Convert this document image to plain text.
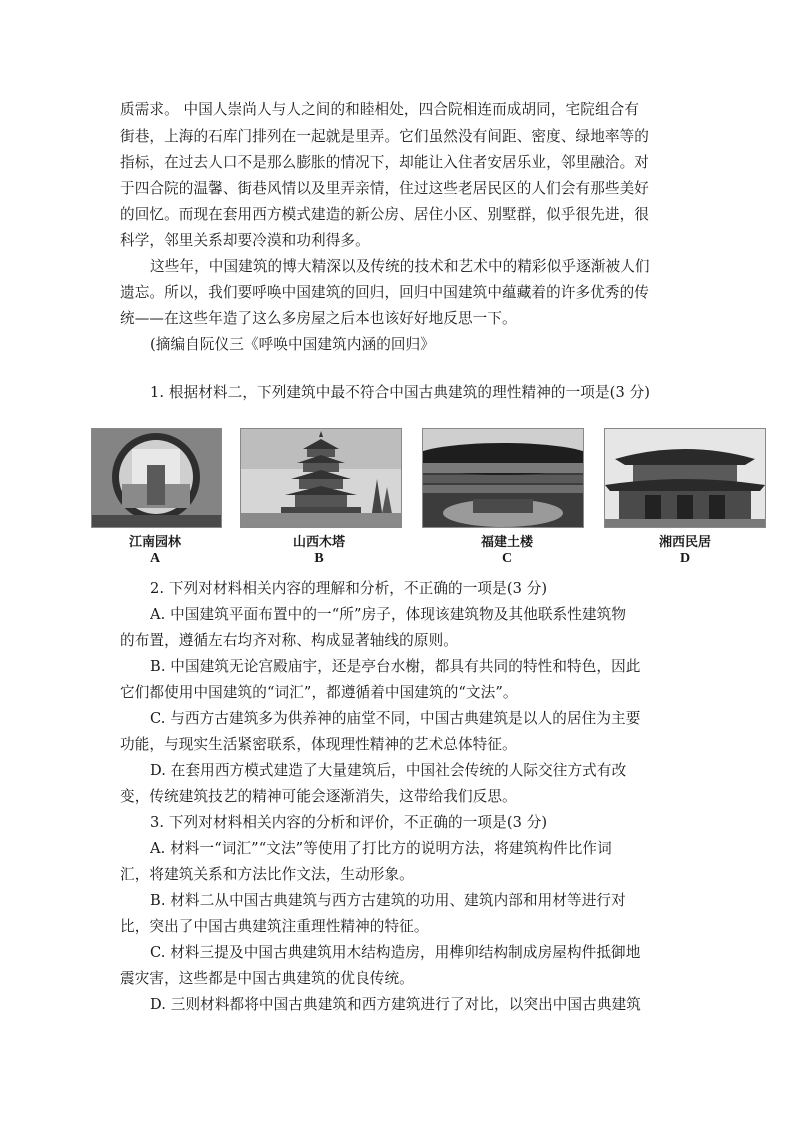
质需求。 中国人崇尚人与人之间的和睦相处，四合院相连而成胡同，宅院组合有
街巷，上海的石库门排列在一起就是里弄。它们虽然没有间距、密度、绿地率等的
指标，在过去人口不是那么膨胀的情况下，却能让入住者安居乐业，邻里融洽。对
于四合院的温馨、街巷风情以及里弄亲情，住过这些老居民区的人们会有那些美好
的回忆。而现在套用西方模式建造的新公房、居住小区、别墅群，似乎很先进，很
科学，邻里关系却要冷漠和功利得多。
这些年，中国建筑的博大精深以及传统的技术和艺术中的精彩似乎逐渐被人们
遗忘。所以，我们要呼唤中国建筑的回归，回归中国建筑中蕴藏着的许多优秀的传
统——在这些年造了这么多房屋之后本也该好好地反思一下。
(摘编自阮仪三《呼唤中国建筑内涵的回归》
1. 根据材料二，下列建筑中最不符合中国古典建筑的理性精神的一项是(3 分)
江南园林
A
山西木塔
B
福建土楼
C
湘西民居
D
2. 下列对材料相关内容的理解和分析，不正确的一项是(3 分)
A. 中国建筑平面布置中的一“所”房子，体现该建筑物及其他联系性建筑物
的布置，遵循左右均齐对称、构成显著轴线的原则。
B. 中国建筑无论宫殿庙宇，还是亭台水榭，都具有共同的特性和特色，因此
它们都使用中国建筑的“词汇”，都遵循着中国建筑的“文法”。
C. 与西方古建筑多为供养神的庙堂不同，中国古典建筑是以人的居住为主要
功能，与现实生活紧密联系，体现理性精神的艺术总体特征。
D. 在套用西方模式建造了大量建筑后，中国社会传统的人际交往方式有改
变，传统建筑技艺的精神可能会逐渐消失，这带给我们反思。
3. 下列对材料相关内容的分析和评价，不正确的一项是(3 分)
A. 材料一“词汇”“文法”等使用了打比方的说明方法，将建筑构件比作词
汇，将建筑关系和方法比作文法，生动形象。
B. 材料二从中国古典建筑与西方古建筑的功用、建筑内部和用材等进行对
比，突出了中国古典建筑注重理性精神的特征。
C. 材料三提及中国古典建筑用木结构造房，用榫卯结构制成房屋构件抵御地
震灾害，这些都是中国古典建筑的优良传统。
D. 三则材料都将中国古典建筑和西方建筑进行了对比，以突出中国古典建筑
